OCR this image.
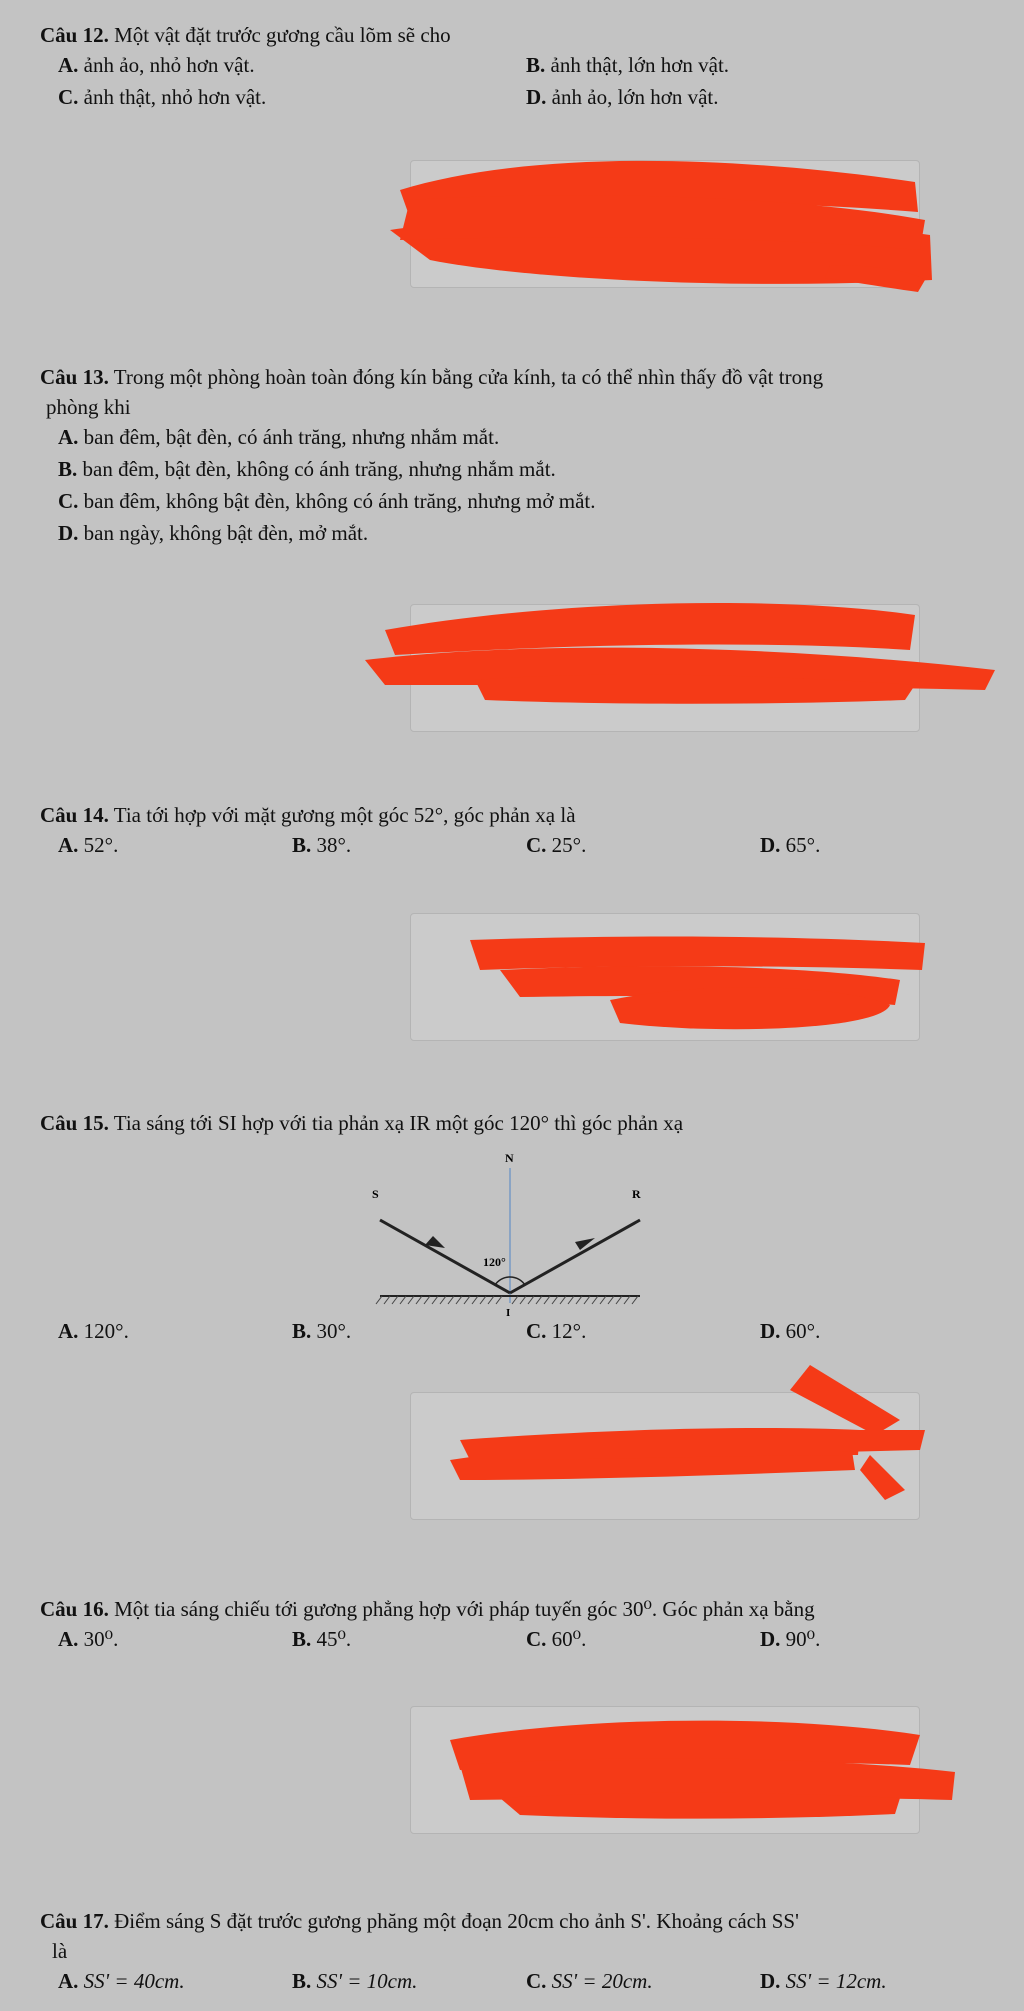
Câu 12. Một vật đặt trước gương cầu lõm sẽ cho
A. ảnh ảo, nhỏ hơn vật.	B. ảnh thật, lớn hơn vật.
C. ảnh thật, nhỏ hơn vật.	D. ảnh ảo, lớn hơn vật.
Câu 13. Trong một phòng hoàn toàn đóng kín bằng cửa kính, ta có thể nhìn thấy đồ vật trong
phòng khi
A. ban đêm, bật đèn, có ánh trăng, nhưng nhắm mắt.
B. ban đêm, bật đèn, không có ánh trăng, nhưng nhắm mắt.
C. ban đêm, không bật đèn, không có ánh trăng, nhưng mở mắt.
D. ban ngày, không bật đèn, mở mắt.
Câu 14. Tia tới hợp với mặt gương một góc 52°, góc phản xạ là
A. 52°.	B. 38°.	C. 25°.	D. 65°.
Câu 15. Tia sáng tới SI hợp với tia phản xạ IR một góc 120° thì góc phản xạ
N
S	R
120°
I
A. 120°.	B. 30°.	C. 12°.	D. 60°.
Câu 16. Một tia sáng chiếu tới gương phẳng hợp với pháp tuyến góc 30⁰. Góc phản xạ bằng
A. 30⁰.	B. 45⁰.	C. 60⁰.	D. 90⁰.
Câu 17. Điểm sáng S đặt trước gương phăng một đoạn 20cm cho ảnh S'. Khoảng cách SS'
là
A. SS' = 40cm.	B. SS' = 10cm.	C. SS' = 20cm.	D. SS' = 12cm.
